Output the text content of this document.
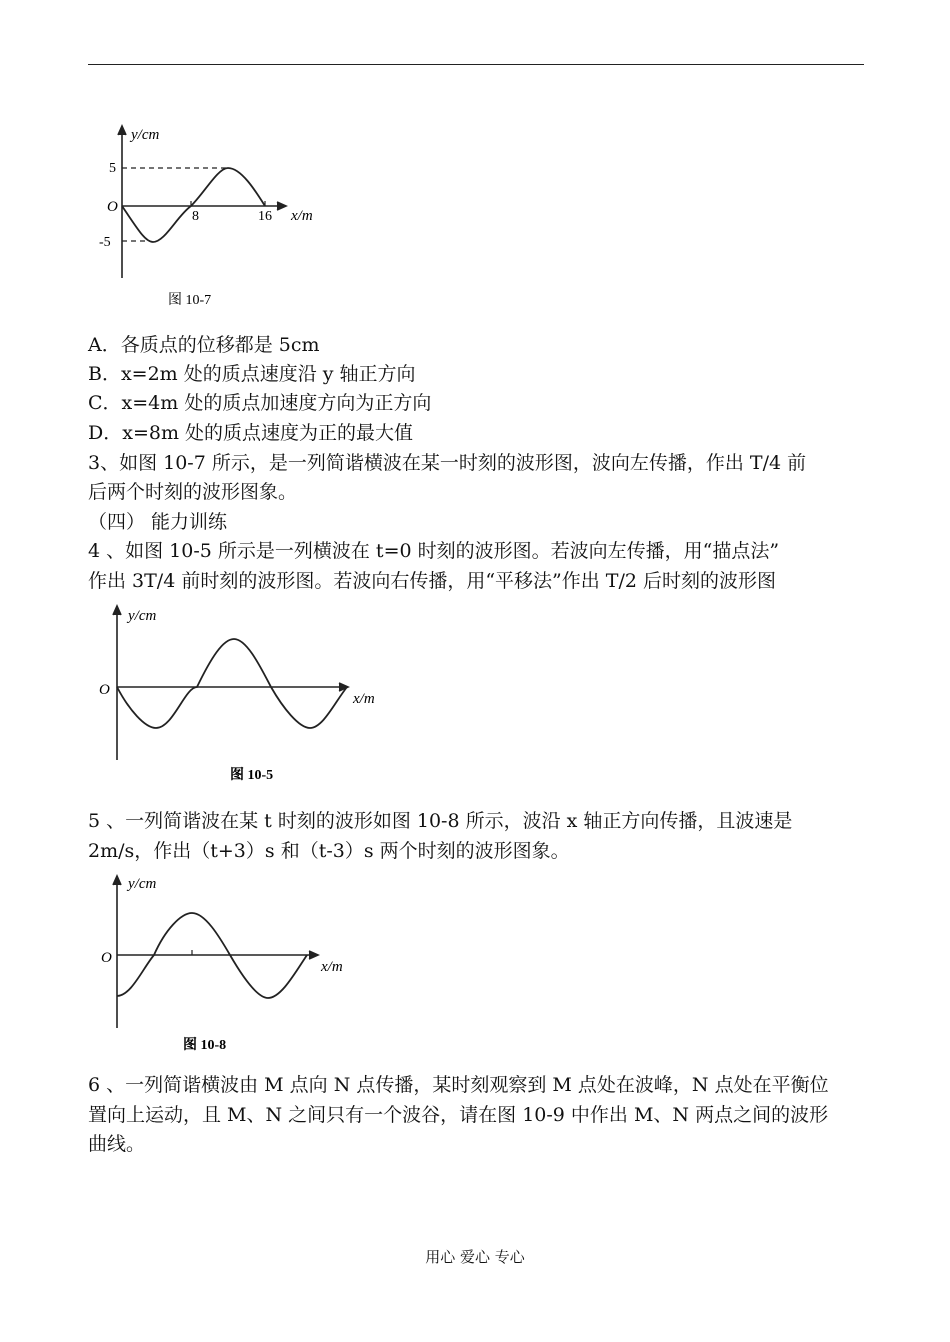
y/cm
5
O
-5
8	16 x/m
图 10-7
A．各质点的位移都是 5cm
B．x=2m 处的质点速度沿 y 轴正方向
C．x=4m 处的质点加速度方向为正方向
D．x=8m 处的质点速度为正的最大值
3、如图 10-7 所示，是一列简谐横波在某一时刻的波形图，波向左传播，作出 T/4 前
后两个时刻的波形图象。
（四） 能力训练
4 、如图 10-5 所示是一列横波在 t=0 时刻的波形图。若波向左传播，用“描点法”
作出 3T/4 前时刻的波形图。若波向右传播，用“平移法”作出 T/2 后时刻的波形图
y/cm
O
x/m
图 10-5
5 、一列简谐波在某 t 时刻的波形如图 10-8 所示，波沿 x 轴正方向传播，且波速是
2m/s，作出（t+3）s 和（t-3）s 两个时刻的波形图象。
y/cm
O
x/m
图 10-8
6 、一列简谐横波由 M 点向 N 点传播，某时刻观察到 M 点处在波峰，N 点处在平衡位
置向上运动，且 M、N 之间只有一个波谷，请在图 10-9 中作出 M、N 两点之间的波形
曲线。
用心 爱心 专心
